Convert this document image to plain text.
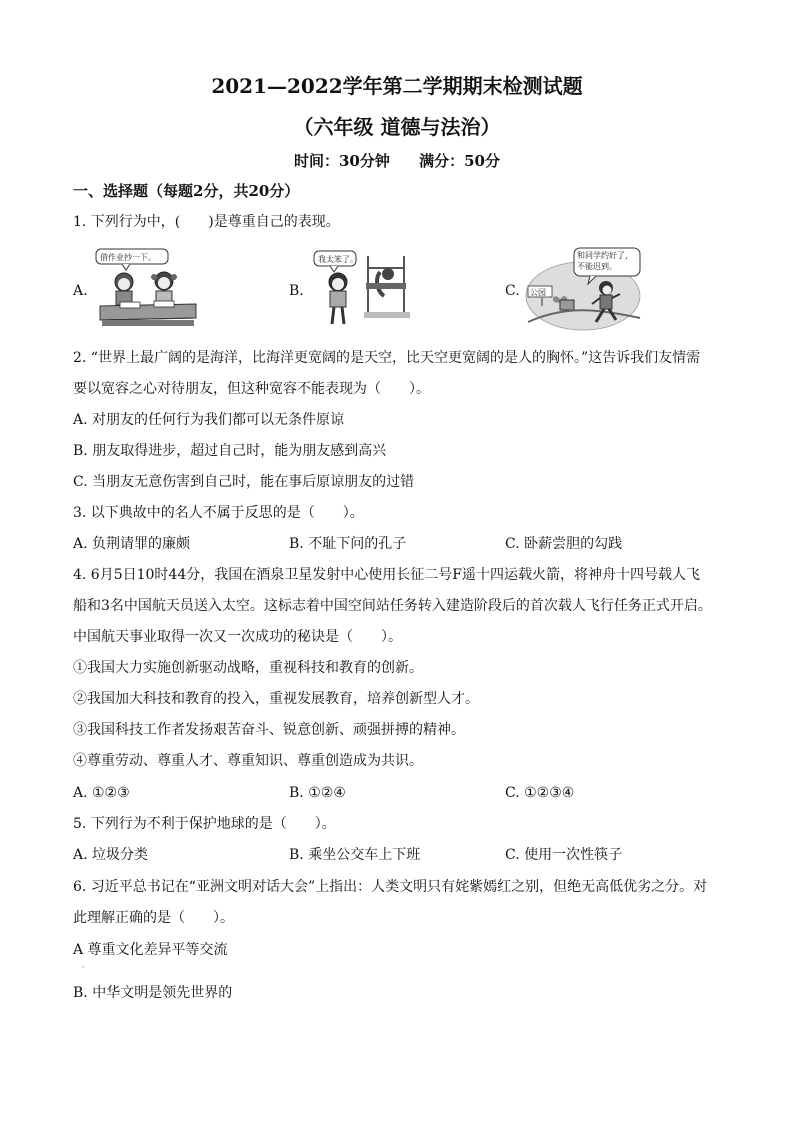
2021—2022学年第二学期期末检测试题
（六年级 道德与法治）
时间：30分钟 满分：50分
一、选择题（每题2分，共20分）
1. 下列行为中，(　　)是尊重自己的表现。
A.	B.	C.
借作业抄一下。	我太笨了。	和同学约好了，不能迟到。
公园
2. “世界上最广阔的是海洋，比海洋更宽阔的是天空，比天空更宽阔的是人的胸怀。”这告诉我们友情需
要以宽容之心对待朋友，但这种宽容不能表现为（　　）。
A. 对朋友的任何行为我们都可以无条件原谅
B. 朋友取得进步，超过自己时，能为朋友感到高兴
C. 当朋友无意伤害到自己时，能在事后原谅朋友的过错
3. 以下典故中的名人不属于反思的是（　　）。
A. 负荆请罪的廉颇	B. 不耻下问的孔子	C. 卧薪尝胆的勾践
4. 6月5日10时44分，我国在酒泉卫星发射中心使用长征二号F遥十四运载火箭，将神舟十四号载人飞
船和3名中国航天员送入太空。这标志着中国空间站任务转入建造阶段后的首次载人飞行任务正式开启。
中国航天事业取得一次又一次成功的秘诀是（　　）。
①我国大力实施创新驱动战略，重视科技和教育的创新。
②我国加大科技和教育的投入，重视发展教育，培养创新型人才。
③我国科技工作者发扬艰苦奋斗、锐意创新、顽强拼搏的精神。
④尊重劳动、尊重人才、尊重知识、尊重创造成为共识。
A. ①②③	B. ①②④	C. ①②③④
5. 下列行为不利于保护地球的是（　　）。
A. 垃圾分类	B. 乘坐公交车上下班	C. 使用一次性筷子
6. 习近平总书记在“亚洲文明对话大会”上指出：人类文明只有姹紫嫣红之别，但绝无高低优劣之分。对
此理解正确的是（　　）。
A 尊重文化差异平等交流
·
B. 中华文明是领先世界的
